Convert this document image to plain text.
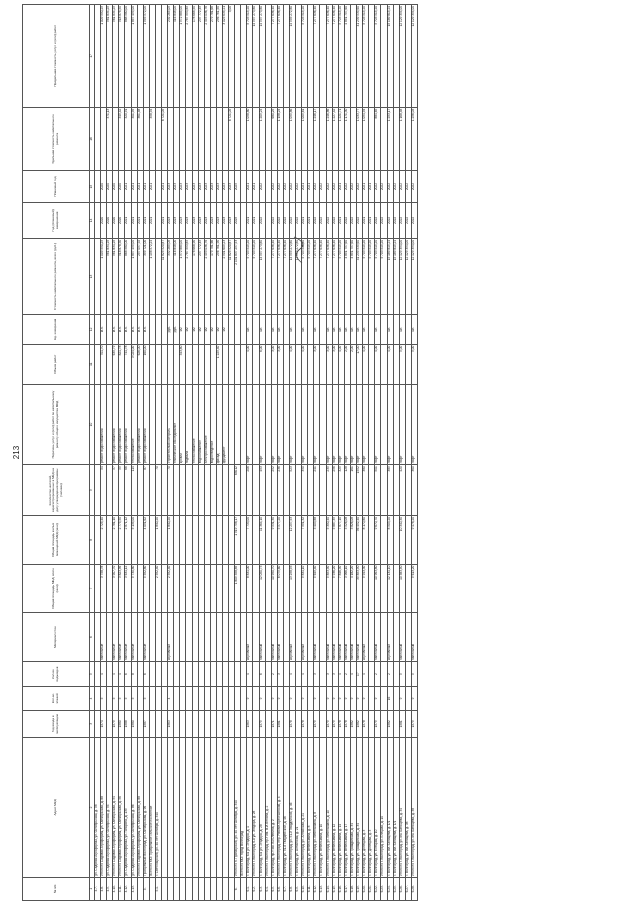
213
№ п/п	Адрес МКД	Год ввода в эксплуатацию	Кол-во этажей	Кол-во подъездов	Материал стен	Общая площадь МКД, всего (кв.м)	Общая площадь жилых помещений МКД (кв.м)	Количество жителей, зарегистрированных в МКД на дату утверждения программы (человек)	Перечень услуг и (или) работ по капитальному ремонту общего имущества МКД	Объем работ	Ед. измерения	Стоимость капитального ремонта, всего (руб.)	Год (плановый) завершения	Плановый год	Удельная стоимость капитального ремонта	Предельная стоимость услуг и (или) работ
1	2	3	4	5	6	7	8	9	10	11	12	13	14	15	16	17
4.7.	ул. Садовая Агрофирмы, ул. Октябрьская, д. 58															
4.8.	Итого по Садовая Агрофирмы, ул. Октябрьская, д. 88	1974	5	4	панельные	3 758,78	2 725,40	54	ремонт водоснабжения	701,70	м.п.	1 009 990,29	2020	2020		1 009 990,29
4.9.	ул. Садовая Агрофирмы, ул. Октябрьская, д. 94											961 834,25	2020	2020	371,13	961 834,25
4.10.	Итого по Садовая Агрофирмы, ул. Октябрьская, д. 94	1979	5	4	панельные	3 907,70	2 781,10	57	ремонт водоснабжения	635,79	м.п.	961 834,25	2020	2020		961 834,25
4.11.	Итого по Садовая Агрофирмы, ул. Октябрьская, д. 96	1980	5	4	панельные	3 823,56	2 775,50	59	ремонт водоснабжения	821,78	м.п.	918 878,50	2020	2020	345,42	918 878,50
4.12.	ул. Садовая Агрофирмы, ул. Гагарина, д. 135	1988	5	6	панельные	3 631,12	2 871,12	66	ремонт водоснабжения	741,78	м.п.	868 980,00	2021	2021	320,91	868 980,00
4.13.	ул. Садовая Агрофирмы, ул. Октябрьская, д. 86	1980	5	8	панельные	5 730,80	5 135,00	114	теплоснабжение	3 024,00	м.п.	1 857 499,00	2021	2021	301,99	1 857 499,00
	Итого по Садовая Агрофирмы, ул. Октябрьская, д. 88								ремонт водоснабжения	626,00	м.п.	257 097,92	2021	2021	361,48	
5.	Прибрежный Волгоград, ул. Октябрьская, д. 96	1987	5	6	панельные	5 592,80	4 091,62	87	ремонт водоснабжения	160,00	м.п.	399 721,00	2021	2021		1 595 972,00
	Всего по МО: Прибрежное сельское поселение											1 158 972,24	2021	2021	358,94	
5.1.	г. Светлоярский, ул. 40 лет Октября, д. 340					2 592,40	1 840,20	70								
												11 825 920,87	2021	2021	6 721,09	
		1963	4		кирпичный	2 592,40	1 840,20	70	строительный контроль		руб.	332 265,05	2023	2023		232 265,05
									техническое обследование		руб.	416 848,00	2023	2023		416 848,00
									кровли	343,80	м2	1 972 885,00	2023	2023		1 972 885,00
									подвала		м2	2 787 593,85	2023	2023		2 787 593,85
									теплоснабжение		м2	178 668,90	2023	2023		178 668,90
									водоснабжение		м2	237 772,49	2023	2023		237 772,49
									электроснабжение		м2	2 493 036,76	2023	2023		2 493 036,76
									водоотведение		м2	179 781,66	2023	2023		279 781,66
									фасад	1 229,40	м2	296 761,90	2023	2023		296 761,90
									фундамент		м2	2 901 609,23	2023	2023		3 025 635,21
												11 825 920,87	2023	2023	6 721,09	3,00
6.	Итого по п. Приморский, ул. 40 лет Октября, д. 340					1 809 358,89	1 519 758,17	63012				2 131 837 297,93	2029	2029		
	Всего по МО: город Волгоград															
6.1.	г. Волгоград, 6-я ул. Эгидора, д. 1	1963	9	4	кирпичный	8 831,00	7 733,00	206	лифт	4,00	шт.	9 703 515,20	2021	2021	1 098,80	9 703 515,20
6.2.	Итого по г. Волгоград, 6-я ул. Эгидора, д. 28											9 703 515,20	2021	2021		14 557 273,80
6.3.	г. Волгоград, 6-я ул. Эгидора, д. 28	1979	9	6	панельный	12 050,73	11 364,10	493	лифт	6,00	шт.	14 557 273,80	2022	2022	1 209,24	14 557 273,80
6.4.	Итого по г. Волгоград, пр-т им. В.И.Ленина, д. 2															
6.5.	г. Волгоград, пр-т им. В.И.Ленина, д. 2	1971	9	2	панельный	10 990,70	9 531,30	252	лифт	3,00	шт.	7 277 636,40	2022	2022	680,25	7 277 636,40
6.6.	Итого по г. Волгоград, пер. Рабоче-Крестьянский, д. 4	1981	9	3	панельный	6 079,60	5 577,20	236	лифт	3,00	шт.	7 277 636,40	2022	2022	1 198,24	7 277 636,40
6.7.	г. Волгоград, ул. 51-й Гвардейской, д. 46											7 277 636,40	2022	2022		
6.8.	Итого по г. Волгоград, ул. 51-й Гвардейской, д. 46	1978	9	4	кирпичный	13 298,93	12 257,93	523	лифт	4,00	шт.	14 555 272,80	2022	2022	1 095,86	14 555 272,80
6.9.	г. Волгоград, ул. Алтайская, д. 21											14 555 272,80	2022	2022		
6.10.	Итого по г. Волгоград, ул. Алтайская, д. 21	1978	9	4	кирпичный	9 831,10	7 951,32	390	лифт	4,00	шт.	9 703 515,20	2021	2021	1 005,61	9 703 515,20
6.11.	г. Волгоград, ул. Вебельмана, д. 8											9 703 515,20	2021	2021		
6.12.	Итого по г. Волгоград, ул. Вебельмана, д. 8	1979	9	3	панельный	5 649,40	3 403,88	241	лифт	3,00	шт.	7 277 636,40	2022	2022	1 246,17	7 277 636,40
6.13.	г. Волгоград, ул. Вебельмана, д. 10											7 277 636,40	2022	2022		
6.14.	Итого по г. Волгоград, ул. Вебельмана, д. 10	1979	9	3	панельный	5 893,90	5 350,40	235	лифт	3,00	шт.	7 277 636,40	2022	2022	1 246,86	7 277 636,40
6.15.	г. Волгоград, ул. Вебельмана, д. 12	1979	9	3	панельный	5 936,20	5 887,39	256	лифт	3,00	шт.	7 277 636,40	2022	2022	1 227,42	7 277 636,40
6.16.	г. Волгоград, ул. Вебельмана, д. 14	1978	9	4	панельный	7 846,90	7 877,10	325	лифт	4,00	шт.	9 703 515,20	2021	2021	1 221,71	9 703 515,20
6.17.	г. Волгоград, ул. Вебельмана, д. 17	1978	9	2	панельный	3 966,10	3 526,08	128	лифт	2,00	шт.	4 851 757,60	2022	2022	1 171,30	4 851 757,60
6.18.	г. Волгоград, ул. Гражданская, д. 34	1982	9	4	панельный	4 182,20	3 826,08	161	лифт	2,00	шт.	4 851 757,60	2022	2022		
6.19.	г. Волгоград, ул. Гражданская, д. 34	1982	9	17	панельный	39 893,90	36 492,40	1552	лифт	17,00	шт.	41 239 939,60	2022	2022	1 033,77	41 239 939,60
6.20.	г. Волгоград, ул. Донецкая, д. 3	1978	9	4	кирпичный	9 943,30	8 170,80	380	лифт	4,00	шт.	9 703 515,20	2021	2021	1 094,94	9 703 515,20
6.21.	г. Волгоград, ул. Донецкая, д. 3											9 703 515,20	2021	2021		
6.22.	г. Волгоград, ул. Елецкая, д. 10	1979	9	2	панельный	10 963,80	9 670,70	501	лифт	4,00	шт.	9 703 515,20	2022	2022	884,65	9 703 515,20
6.23.	Итого по г. Волгоград, ул. Елецкая, д. 10											9 703 515,20	2022	2022		
6.24.	г. Волгоград, ул. им. Батищева, д. 1/1	1982	16	2	кирпичный	12 131,10	8 503,20	389	лифт	4,00	шт.	15 189 815,24	2022	2022	1 253,17	15 189 815,24
6.25.	г. Волгоград, ул. им. Батищева, д. 1/1											15 189 815,24	2022	2022		
6.26.	Итого по г. Волгоград, ул. им. Батищева, д. 34	1981	9	5	панельный	10 383,50	10 340,30	420	лифт	5,00	шт.	12 129 394,00	2022	2022	1 168,48	12 129 394,00
6.27.	г. Волгоград, ул. им. Батищева, д. 38											12 129 394,00	2022	2022		
6.28.	Итого по г. Волгоград, ул. им. Батищева, д. 38	1979	9	5	панельный	9 613,20	9 478,20	360	лифт	5,00	шт.	12 129 394,00	2022	2022	1 256,03	12 129 394,00
